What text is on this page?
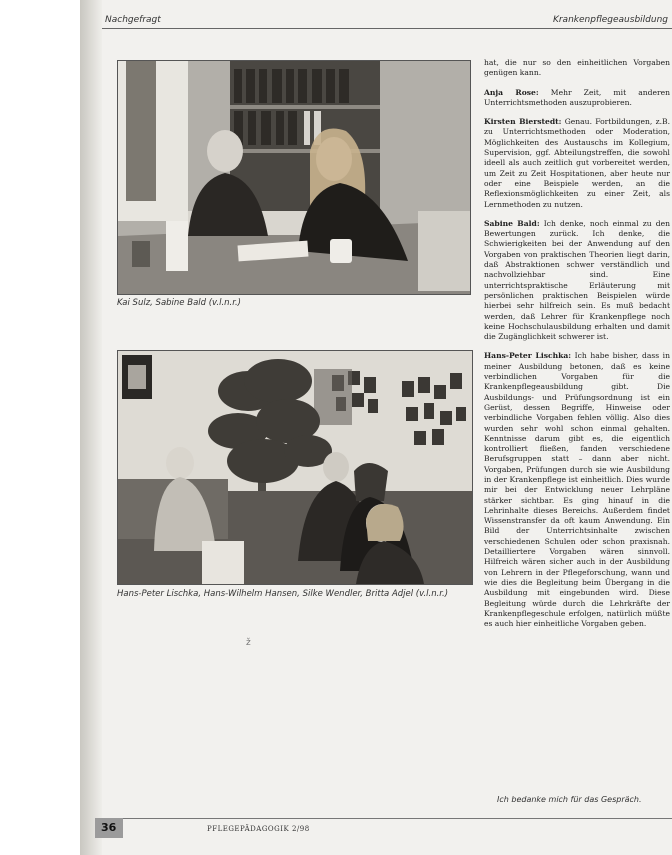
Nachgefragt	Krankenpflegeausbildung
Kai Sulz, Sabine Bald (v.l.n.r.)
Hans-Peter Lischka, Hans-Wilhelm Hansen, Silke Wendler, Britta Adjel (v.l.n.r.)

hat, die nur so den einheitlichen Vorgaben genügen kann.

Anja Rose: Mehr Zeit, mit anderen Unterrichtsmethoden auszuprobieren.

Kirsten Bierstedt: Genau. Fortbildungen, z.B. zu Unterrichtsmethoden oder Moderation, Möglichkeiten des Austauschs im Kollegium, Supervision, ggf. Abteilungstreffen, die sowohl ideell als auch zeitlich gut vorbereitet werden, um Zeit zu Zeit Hospitationen, aber heute nur oder eine Beispiele werden, an die Reflexionsmöglichkeiten zu einer Zeit, als Lernmethoden zu nutzen.

Sabine Bald: Ich denke, noch einmal zu den Bewertungen zurück. Ich denke, die Schwierigkeiten bei der Anwendung auf den Vorgaben von praktischen Theorien liegt darin, daß Abstraktionen schwer verständlich und nachvollziehbar sind. Eine unterrichtspraktische Erläuterung mit persönlichen praktischen Beispielen würde hierbei sehr hilfreich sein. Es muß bedacht werden, daß Lehrer für Krankenpflege noch keine Hochschulausbildung erhalten und damit die Zugänglichkeit schwerer ist.

Hans-Peter Lischka: Ich habe bisher, dass in meiner Ausbildung betonen, daß es keine verbindlichen Vorgaben für die Krankenpflegeausbildung gibt. Die Ausbildungs- und Prüfungsordnung ist ein Gerüst, dessen Begriffe, Hinweise oder verbindliche Vorgaben fehlen völlig. Also dies wurden sehr wohl schon einmal gehalten. Kenntnisse darum gibt es, die eigentlich kontrolliert fließen, fanden verschiedene Berufsgruppen statt – dann aber nicht. Vorgaben, Prüfungen durch sie wie Ausbildung in der Krankenpflege ist einheitlich. Dies wurde mir bei der Entwicklung neuer Lehrpläne stärker sichtbar. Es ging hinauf in die Lehrinhalte dieses Bereichs. Außerdem findet Wissenstransfer da oft kaum Anwendung. Ein Bild der Unterrichtsinhalte zwischen verschiedenen Schulen oder schon praxisnah. Detailliertere Vorgaben wären sinnvoll. Hilfreich wären sicher auch in der Ausbildung von Lehrern in der Pflegeforschung, wann und wie dies die Begleitung beim Übergang in die Ausbildung mit eingebunden wird. Diese Begleitung würde durch die Lehrkräfte der Krankenpflegeschule erfolgen, natürlich müßte es auch hier einheitliche Vorgaben geben.

ž
Ich bedanke mich für das Gespräch.
36	PFLEGEPÄDAGOGIK 2/98
